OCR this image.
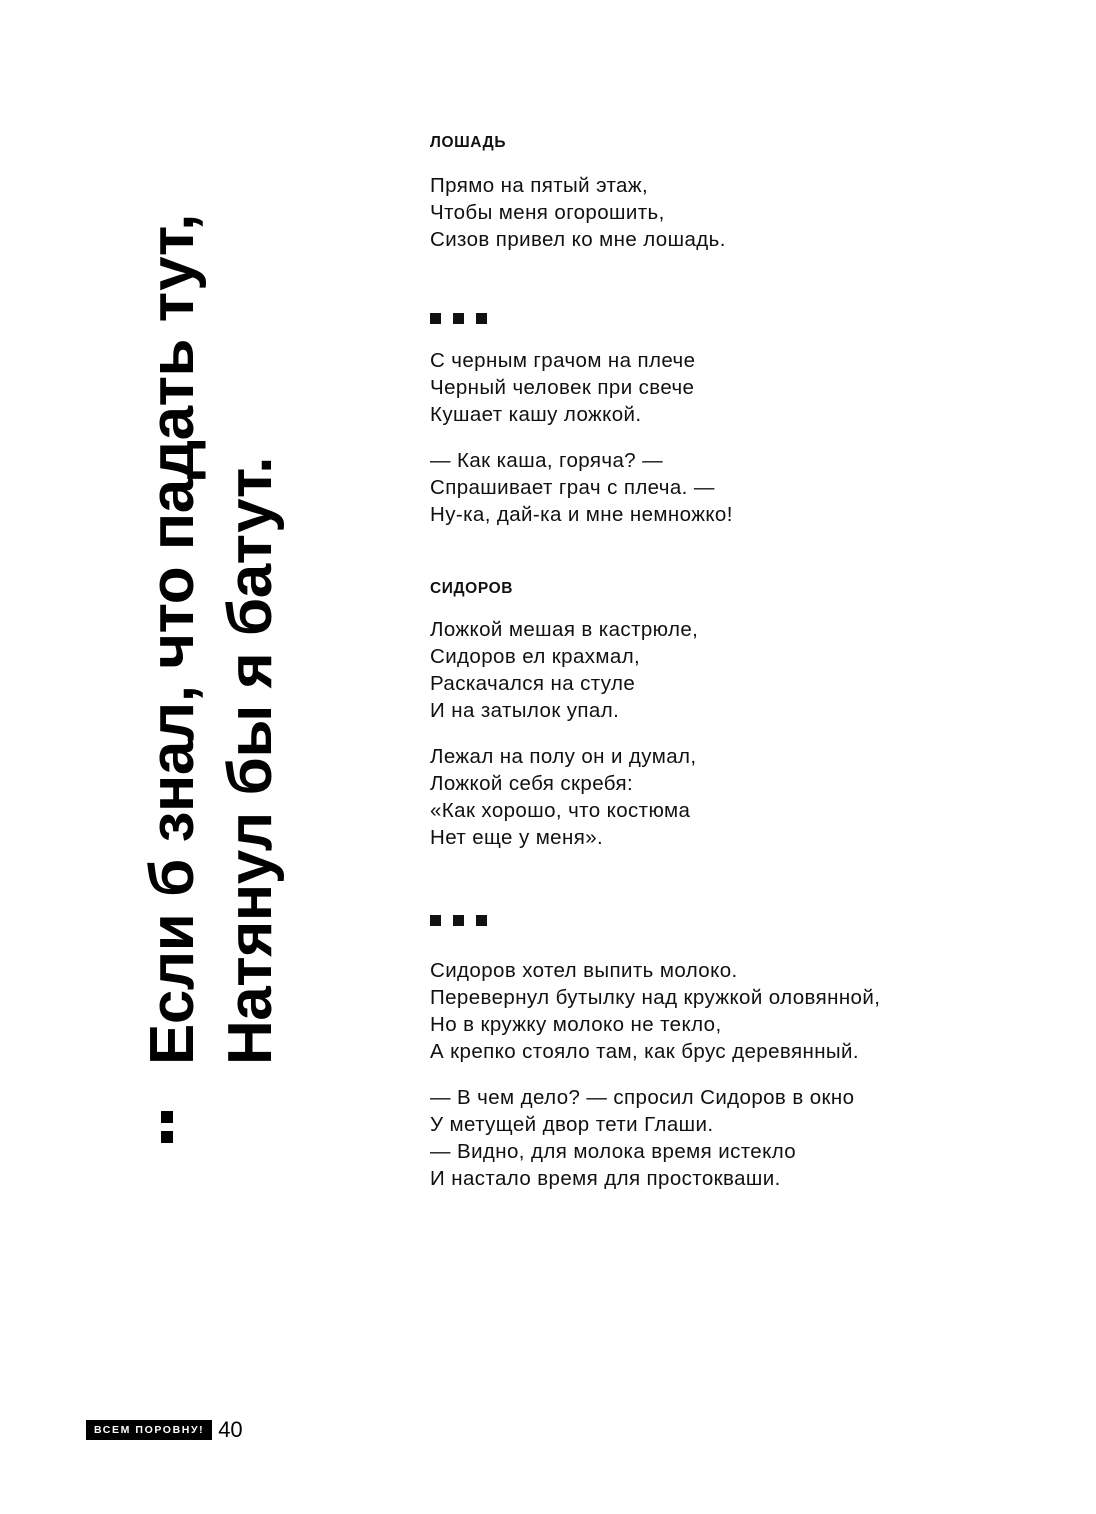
Если б знал, что падать тут, Натянул бы я батут.
ЛОШАДЬ
Прямо на пятый этаж,
Чтобы меня огорошить,
Сизов привел ко мне лошадь.
С черным грачом на плече
Черный человек при свече
Кушает кашу ложкой.
— Как каша, горяча? —
Спрашивает грач с плеча. —
Ну-ка, дай-ка и мне немножко!
СИДОРОВ
Ложкой мешая в кастрюле,
Сидоров ел крахмал,
Раскачался на стуле
И на затылок упал.
Лежал на полу он и думал,
Ложкой себя скребя:
«Как хорошо, что костюма
Нет еще у меня».
Сидоров хотел выпить молоко.
Перевернул бутылку над кружкой оловянной,
Но в кружку молоко не текло,
А крепко стояло там, как брус деревянный.
— В чем дело? — спросил Сидоров в окно
У метущей двор тети Глаши.
— Видно, для молока время истекло
И настало время для простокваши.
ВСЕМ ПОРОВНУ! 40
